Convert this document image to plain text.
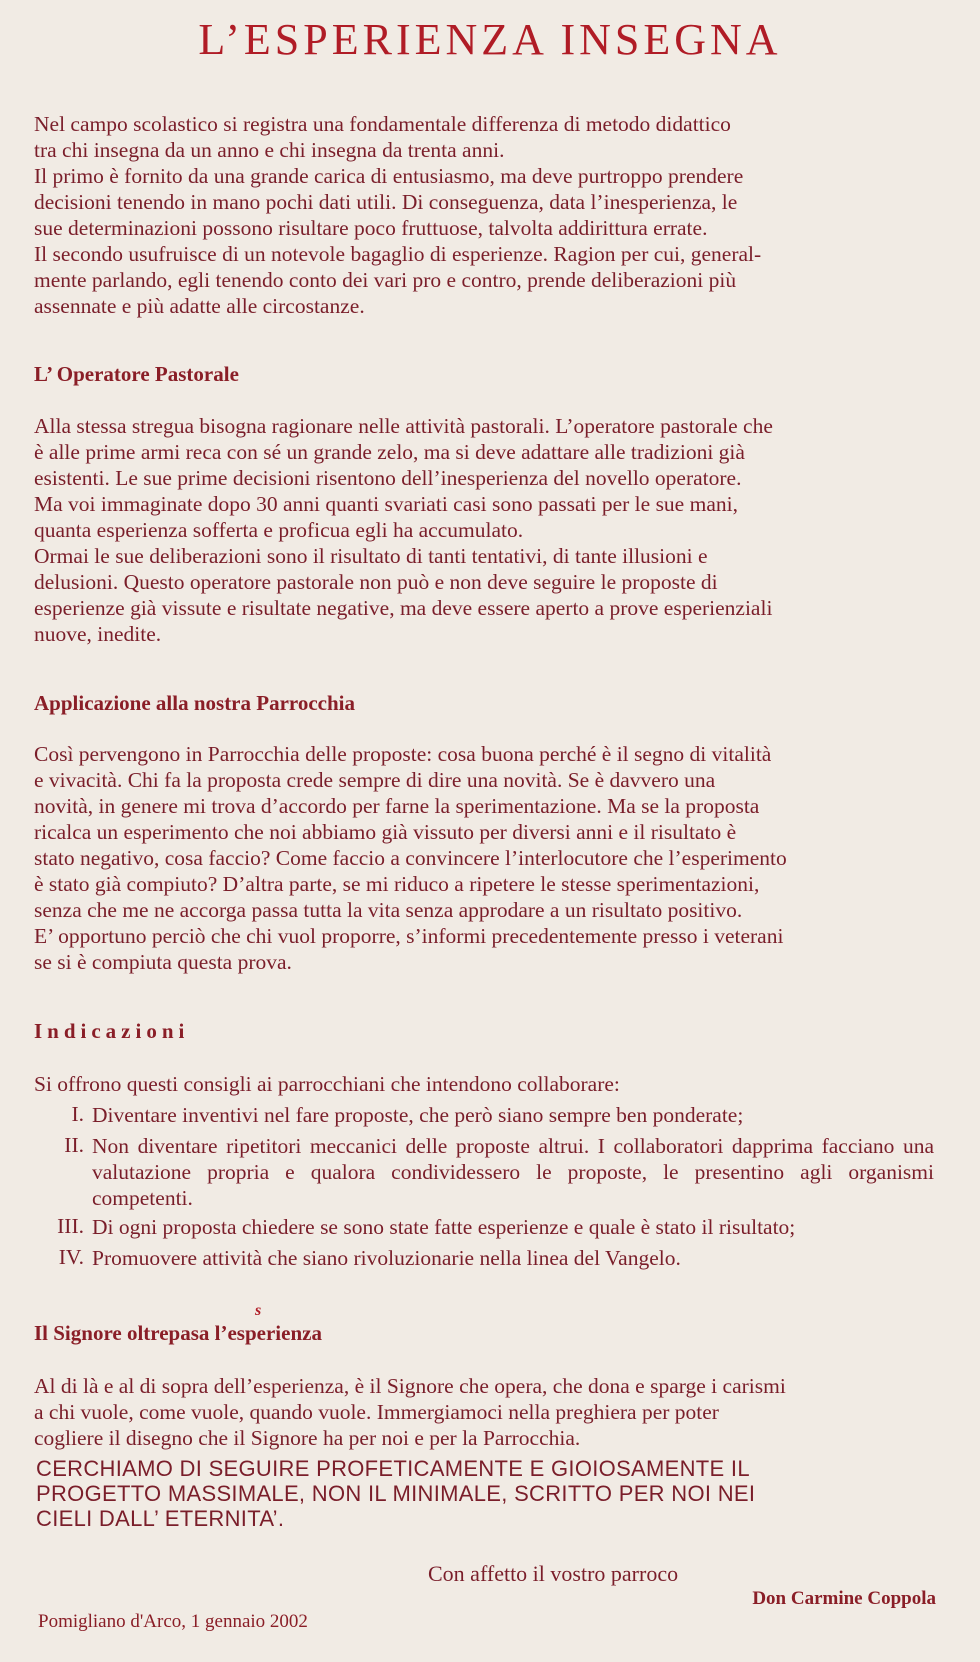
L’ESPERIENZA INSEGNA

Nel campo scolastico si registra una fondamentale differenza di metodo didattico
tra chi insegna da un anno e chi insegna da trenta anni.
Il primo è fornito da una grande carica di entusiasmo, ma deve purtroppo prendere
decisioni tenendo in mano pochi dati utili. Di conseguenza, data l’inesperienza, le
sue determinazioni possono risultare poco fruttuose, talvolta addirittura errate.
Il secondo usufruisce di un notevole bagaglio di esperienze. Ragion per cui, general-
mente parlando, egli tenendo conto dei vari pro e contro, prende deliberazioni più
assennate e più adatte alle circostanze.

L’ Operatore Pastorale

Alla stessa stregua bisogna ragionare nelle attività pastorali. L’operatore pastorale che
è alle prime armi reca con sé un grande zelo, ma si deve adattare alle tradizioni già
esistenti. Le sue prime decisioni risentono dell’inesperienza del novello operatore.
Ma voi immaginate dopo 30 anni quanti svariati casi sono passati per le sue mani,
quanta esperienza sofferta e proficua egli ha accumulato.
Ormai le sue deliberazioni sono il risultato di tanti tentativi, di tante illusioni e
delusioni. Questo operatore pastorale non può e non deve seguire le proposte di
esperienze già vissute e risultate negative, ma deve essere aperto a prove esperienziali
nuove, inedite.

Applicazione alla nostra Parrocchia

Così pervengono in Parrocchia delle proposte: cosa buona perché è il segno di vitalità
e vivacità. Chi fa la proposta crede sempre di dire una novità. Se è davvero una
novità, in genere mi trova d’accordo per farne la sperimentazione. Ma se la proposta
ricalca un esperimento che noi abbiamo già vissuto per diversi anni e il risultato è
stato negativo, cosa faccio? Come faccio a convincere l’interlocutore che l’esperimento
è stato già compiuto? D’altra parte, se mi riduco a ripetere le stesse sperimentazioni,
senza che me ne accorga passa tutta la vita senza approdare a un risultato positivo.
E’ opportuno perciò che chi vuol proporre, s’informi precedentemente presso i veterani
se si è compiuta questa prova.

Indicazioni

Si offrono questi consigli ai parrocchiani che intendono collaborare:

I. Diventare inventivi nel fare proposte, che però siano sempre ben ponderate;
II. Non diventare ripetitori meccanici delle proposte altrui. I collaboratori dapprima facciano una valutazione propria e qualora condividessero le proposte, le presentino agli organismi competenti.
III. Di ogni proposta chiedere se sono state fatte esperienze e quale è stato il risultato;
IV. Promuovere attività che siano rivoluzionarie nella linea del Vangelo.
s
Il Signore oltrepasa l’esperienza

Al di là e al di sopra dell’esperienza, è il Signore che opera, che dona e sparge i carismi
a chi vuole, come vuole, quando vuole. Immergiamoci nella preghiera per poter
cogliere il disegno che il Signore ha per noi e per la Parrocchia.

CERCHIAMO DI SEGUIRE PROFETICAMENTE E GIOIOSAMENTE IL
PROGETTO MASSIMALE, NON IL MINIMALE, SCRITTO PER NOI NEI
CIELI DALL’ ETERNITA’.

Con affetto il vostro parroco

Don Carmine Coppola

Pomigliano d'Arco, 1 gennaio 2002
